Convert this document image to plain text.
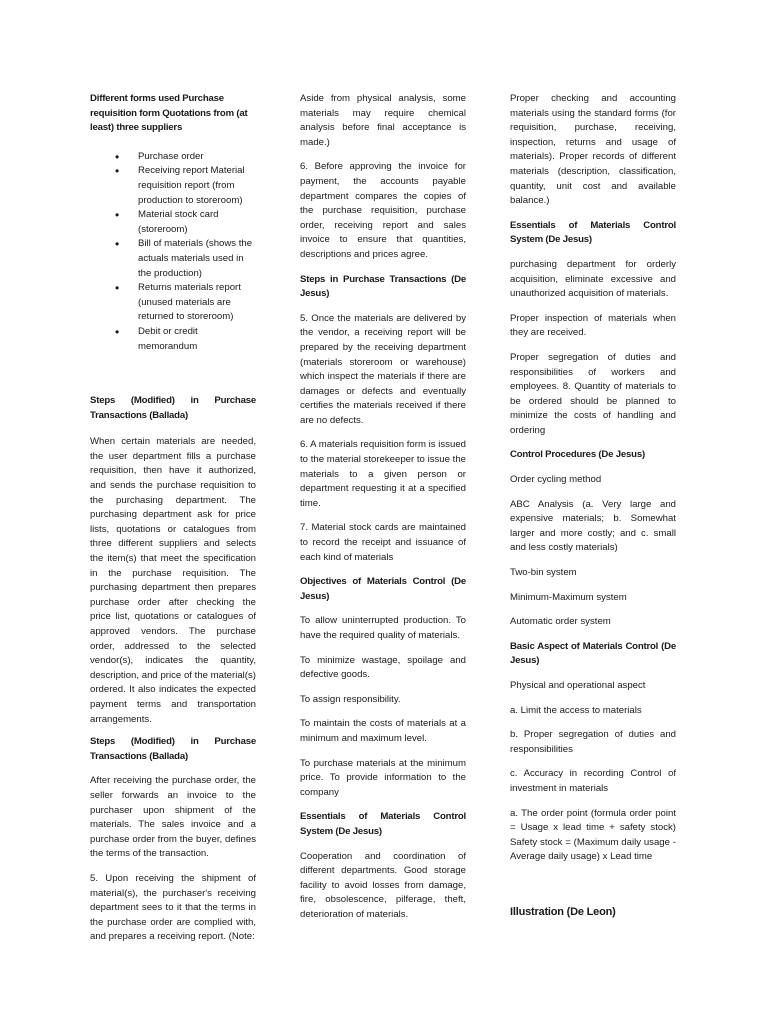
Different forms used Purchase requisition form Quotations from (at least) three suppliers

• Purchase order
• Receiving report Material requisition report (from production to storeroom)
• Material stock card (storeroom)
• Bill of materials (shows the actuals materials used in the production)
• Returns materials report (unused materials are returned to storeroom)
• Debit or credit memorandum

Steps (Modified) in Purchase Transactions (Ballada)

When certain materials are needed, the user department fills a purchase requisition, then have it authorized, and sends the purchase requisition to the purchasing department. The purchasing department ask for price lists, quotations or catalogues from three different suppliers and selects the item(s) that meet the specification in the purchase requisition. The purchasing department then prepares purchase order after checking the price list, quotations or catalogues of approved vendors. The purchase order, addressed to the selected vendor(s), indicates the quantity, description, and price of the material(s) ordered. It also indicates the expected payment terms and transportation arrangements.

Steps (Modified) in Purchase Transactions (Ballada)

After receiving the purchase order, the seller forwards an invoice to the purchaser upon shipment of the materials. The sales invoice and a purchase order from the buyer, defines the terms of the transaction.

5. Upon receiving the shipment of material(s), the purchaser's receiving department sees to it that the terms in the purchase order are complied with, and prepares a receiving report. (Note:

Aside from physical analysis, some materials may require chemical analysis before final acceptance is made.)

6. Before approving the invoice for payment, the accounts payable department compares the copies of the purchase requisition, purchase order, receiving report and sales invoice to ensure that quantities, descriptions and prices agree.

Steps in Purchase Transactions (De Jesus)

5. Once the materials are delivered by the vendor, a receiving report will be prepared by the receiving department (materials storeroom or warehouse) which inspect the materials if there are damages or defects and eventually certifies the materials received if there are no defects.

6. A materials requisition form is issued to the material storekeeper to issue the materials to a given person or department requesting it at a specified time.

7. Material stock cards are maintained to record the receipt and issuance of each kind of materials

Objectives of Materials Control (De Jesus)

To allow uninterrupted production. To have the required quality of materials.

To minimize wastage, spoilage and defective goods.

To assign responsibility.

To maintain the costs of materials at a minimum and maximum level.

To purchase materials at the minimum price. To provide information to the company

Essentials of Materials Control System (De Jesus)

Cooperation and coordination of different departments. Good storage facility to avoid losses from damage, fire, obsolescence, pilferage, theft, deterioration of materials.

Proper checking and accounting materials using the standard forms (for requisition, purchase, receiving, inspection, returns and usage of materials). Proper records of different materials (description, classification, quantity, unit cost and available balance.)

Essentials of Materials Control System (De Jesus)

purchasing department for orderly acquisition, eliminate excessive and unauthorized acquisition of materials.

Proper inspection of materials when they are received.

Proper segregation of duties and responsibilities of workers and employees. 8. Quantity of materials to be ordered should be planned to minimize the costs of handling and ordering

Control Procedures (De Jesus)

Order cycling method

ABC Analysis (a. Very large and expensive materials; b. Somewhat larger and more costly; and c. small and less costly materials)

Two-bin system

Minimum-Maximum system

Automatic order system

Basic Aspect of Materials Control (De Jesus)

Physical and operational aspect

a. Limit the access to materials

b. Proper segregation of duties and responsibilities

c. Accuracy in recording Control of investment in materials

a. The order point (formula order point = Usage x lead time + safety stock) Safety stock = (Maximum daily usage - Average daily usage) x Lead time

Illustration (De Leon)
